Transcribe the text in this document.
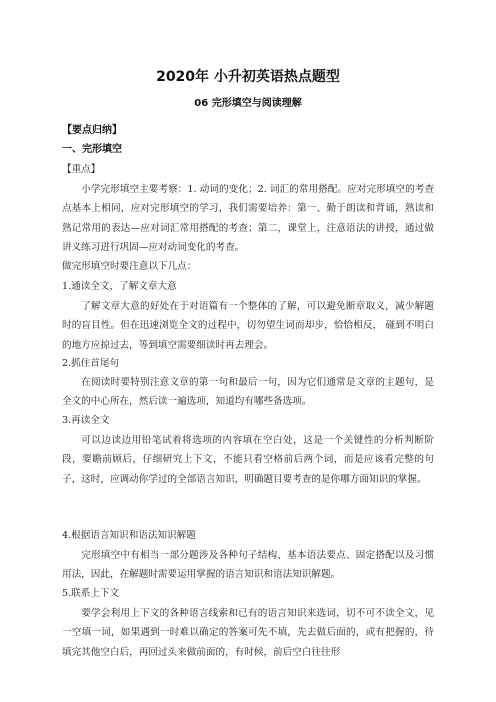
2020年 小升初英语热点题型
06 完形填空与阅读理解
【要点归纳】
一、完形填空
【重点】
小学完形填空主要考察：1. 动词的变化；2. 词汇的常用搭配。应对完形填空的考查点基本上相同，应对完形填空的学习，我们需要培养：第一、勤于朗读和背诵，熟读和熟记常用的表达—应对词汇常用搭配的考查；第二，课堂上，注意语法的讲授，通过做讲义练习进行巩固—应对动词变化的考查。
做完形填空时要注意以下几点：
1.通读全文，了解文章大意
了解文章大意的好处在于对语篇有一个整体的了解，可以避免断章取义，减少解题时的盲目性。但在迅速浏览全文的过程中，切勿望生词而却步，恰恰相反， 碰到不明白的地方应掠过去，等到填空需要细读时再去理会。
2.抓住首尾句
在阅读时要特别注意文章的第一句和最后一句，因为它们通常是文章的主题句，是全文的中心所在，然后读一遍选项，知道均有哪些备选项。
3.再读全文
可以边读边用铅笔试着将选项的内容填在空白处，这是一个关键性的分析判断阶段，要瞻前顾后，仔细研究上下文，不能只看空格前后两个词，而是应该看完整的句子，这时，应调动你学过的全部语言知识，明确题目要考查的是你哪方面知识的掌握。
4.根据语言知识和语法知识解题
完形填空中有相当一部分题涉及各种句子结构、基本语法要点、固定搭配以及习惯用法，因此，在解题时需要运用掌握的语言知识和语法知识解题。
5.联系上下文
要学会利用上下文的各种语言线索和已有的语言知识来选词，切不可不读全文，见一空填一词，如果遇到一时难以确定的答案可先不填，先去做后面的，或有把握的，待填完其他空白后，再回过头来做前面的，有时候，前后空白往往形
